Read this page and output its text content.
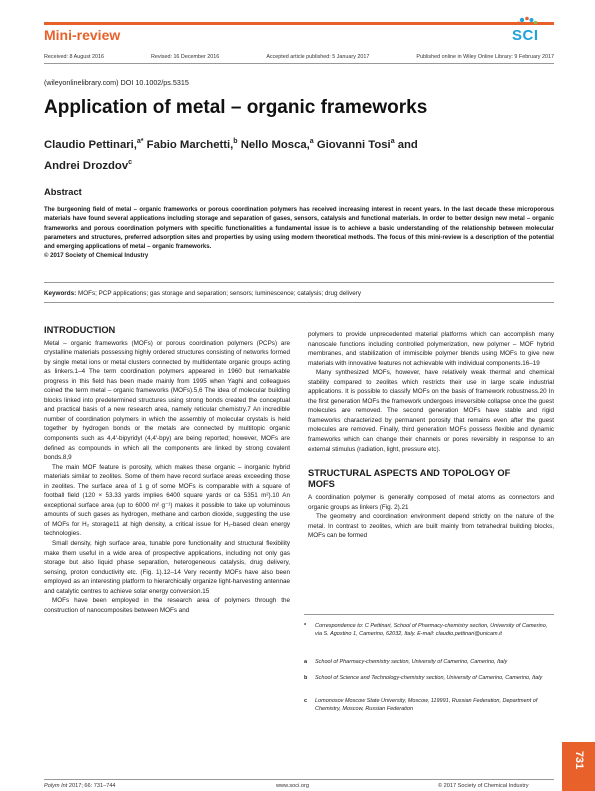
Mini-review	SCI
Received: 8 August 2016	Revised: 16 December 2016	Accepted article published: 5 January 2017	Published online in Wiley Online Library: 9 February 2017
(wileyonlinelibrary.com) DOI 10.1002/ps.5315
Application of metal – organic frameworks
Claudio Pettinari,$^{a*}$ Fabio Marchetti,$^b$ Nello Mosca,$^a$ Giovanni Tosi$^a$ and
Andrei Drozdov$^c$
Abstract
The burgeoning field of metal – organic frameworks or porous coordination polymers has received increasing interest in recent years. In the last decade these microporous materials have found several applications including storage and separation of gases, sensors, catalysis and functional materials. In order to better design new metal – organic frameworks and porous coordination polymers with specific functionalities a fundamental issue is to achieve a basic understanding of the relationship between molecular parameters and structures, preferred adsorption sites and properties by using using modern theoretical methods. The focus of this mini-review is a description of the potential and emerging applications of metal – organic frameworks.
© 2017 Society of Chemical Industry
Keywords: MOFs; PCP applications; gas storage and separation; sensors; luminescence; catalysis; drug delivery
INTRODUCTION

Metal – organic frameworks (MOFs) or porous coordination polymers (PCPs) are crystalline materials possessing highly ordered structures consisting of networks formed by single metal ions or metal clusters connected by multidentate organic groups acting as linkers.1–4 The term coordination polymers appeared in 1960 but remarkable progress in this field has been made mainly from 1995 when Yaghi and colleagues coined the term metal – organic frameworks (MOFs).5,6 The idea of molecular building blocks linked into predetermined structures using strong bonds created the conceptual and practical basis of a new research area, namely reticular chemistry.7 An incredible number of coordination polymers in which the assembly of molecular crystals is held together by hydrogen bonds or the metals are connected by multitopic organic components such as 4,4′-bipyridyl (4,4′-bpy) are being reported; however, MOFs are defined as compounds in which all the components are linked by strong covalent bonds.8,9

The main MOF feature is porosity, which makes these organic – inorganic hybrid materials similar to zeolites. Some of them have record surface areas exceeding those in zeolites. The surface area of 1 g of some MOFs is comparable with a square of football field (120 × 53.33 yards implies 6400 square yards or ca 5351 m²).10 An exceptional surface area (up to 6000 m² g⁻¹) makes it possible to take up voluminous amounts of such gases as hydrogen, methane and carbon dioxide, suggesting the use of MOFs for H₂ storage11 at high density, a critical issue for H₂-based clean energy technologies.

Small density, high surface area, tunable pore functionality and structural flexibility make them useful in a wide area of prospective applications, including not only gas storage but also liquid phase separation, heterogeneous catalysis, drug delivery, sensing, proton conductivity etc. (Fig. 1).12–14 Very recently MOFs have also been employed as an interesting platform to hierarchically organize light-harvesting antennae and catalytic centres to achieve solar energy conversion.15

MOFs have been employed in the research area of polymers through the construction of nanocomposites between MOFs and

polymers to provide unprecedented material platforms which can accomplish many nanoscale functions including controlled polymerization, new polymer – MOF hybrid membranes, and stabilization of immiscible polymer blends using MOFs to give new materials with innovative features not achievable with individual components.16–19

Many synthesized MOFs, however, have relatively weak thermal and chemical stability compared to zeolites which restricts their use in large scale industrial applications. It is possible to classify MOFs on the basis of framework robustness.20 In the first generation MOFs the framework undergoes irreversible collapse once the guest molecules are removed. The second generation MOFs have stable and rigid frameworks characterized by permanent porosity that remains even after the guest molecules are removed. Finally, third generation MOFs possess flexible and dynamic frameworks which can change their channels or pores reversibly in response to an external stimulus (radiation, light, pressure etc).

STRUCTURAL ASPECTS AND TOPOLOGY OF
MOFS

A coordination polymer is generally composed of metal atoms as connectors and organic groups as linkers (Fig. 2).21

The geometry and coordination environment depend strictly on the nature of the metal. In contrast to zeolites, which are built mainly from tetrahedral building blocks, MOFs can be formed

* Correspondence to: C Pettinari, School of Pharmacy-chemistry section, University of Camerino, via S. Agostino 1, Camerino, 62032, Italy. E-mail: claudio.pettinari@unicam.it
a School of Pharmacy-chemistry section, University of Camerino, Camerino, Italy
b School of Science and Technology-chemistry section, University of Camerino, Camerino, Italy
c Lomonosov Moscow State University, Moscow, 119991, Russian Federation, Department of Chemistry, Moscow, Russian Federation
Polym Int 2017; 66: 731–744	www.soci.org	© 2017 Society of Chemical Industry
731
